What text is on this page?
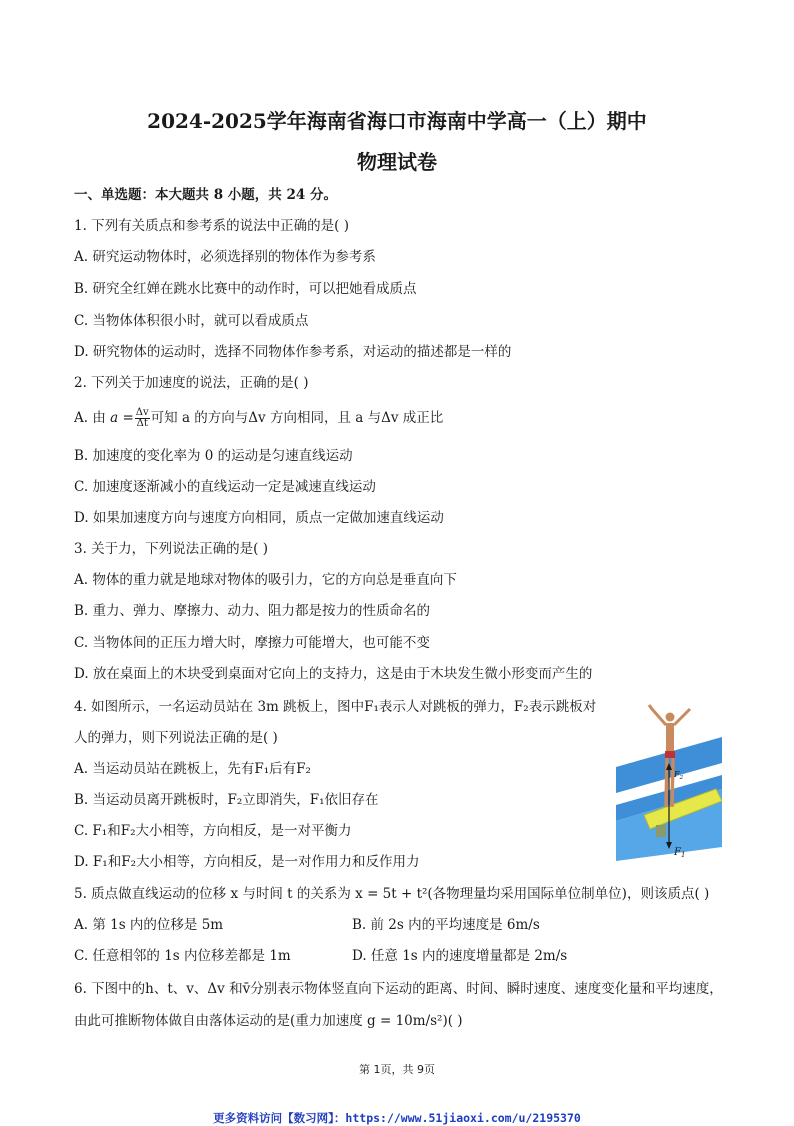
2024-2025学年海南省海口市海南中学高一（上）期中
物理试卷
一、单选题：本大题共 8 小题，共 24 分。
1. 下列有关质点和参考系的说法中正确的是( )
A. 研究运动物体时，必须选择别的物体作为参考系
B. 研究全红婵在跳水比赛中的动作时，可以把她看成质点
C. 当物体体积很小时，就可以看成质点
D. 研究物体的运动时，选择不同物体作参考系，对运动的描述都是一样的
2. 下列关于加速度的说法，正确的是( )
A. 由 $a = \frac{\Delta v}{\Delta t}$ 可知 a 的方向与Δv 方向相同，且 a 与Δv 成正比
B. 加速度的变化率为 0 的运动是匀速直线运动
C. 加速度逐渐减小的直线运动一定是减速直线运动
D. 如果加速度方向与速度方向相同，质点一定做加速直线运动
3. 关于力，下列说法正确的是( )
A. 物体的重力就是地球对物体的吸引力，它的方向总是垂直向下
B. 重力、弹力、摩擦力、动力、阻力都是按力的性质命名的
C. 当物体间的正压力增大时，摩擦力可能增大，也可能不变
D. 放在桌面上的木块受到桌面对它向上的支持力，这是由于木块发生微小形变而产生的
4. 如图所示，一名运动员站在 3m 跳板上，图中F₁表示人对跳板的弹力，F₂表示跳板对
人的弹力，则下列说法正确的是( )
A. 当运动员站在跳板上，先有F₁后有F₂
B. 当运动员离开跳板时，F₂立即消失，F₁依旧存在
C. F₁和F₂大小相等，方向相反，是一对平衡力
D. F₁和F₂大小相等，方向相反，是一对作用力和反作用力
$F_2$
$F_1$
5. 质点做直线运动的位移 x 与时间 t 的关系为 x = 5t + t²(各物理量均采用国际单位制单位)，则该质点( )
A. 第 1s 内的位移是 5m	B. 前 2s 内的平均速度是 6m/s
C. 任意相邻的 1s 内位移差都是 1m	D. 任意 1s 内的速度增量都是 2m/s
6. 下图中的h、t、v、Δv 和v̄分别表示物体竖直向下运动的距离、时间、瞬时速度、速度变化量和平均速度，
由此可推断物体做自由落体运动的是(重力加速度 g = 10m/s²)( )
第 1页，共 9页
更多资料访问【数习网】：https://www.51jiaoxi.com/u/2195370
